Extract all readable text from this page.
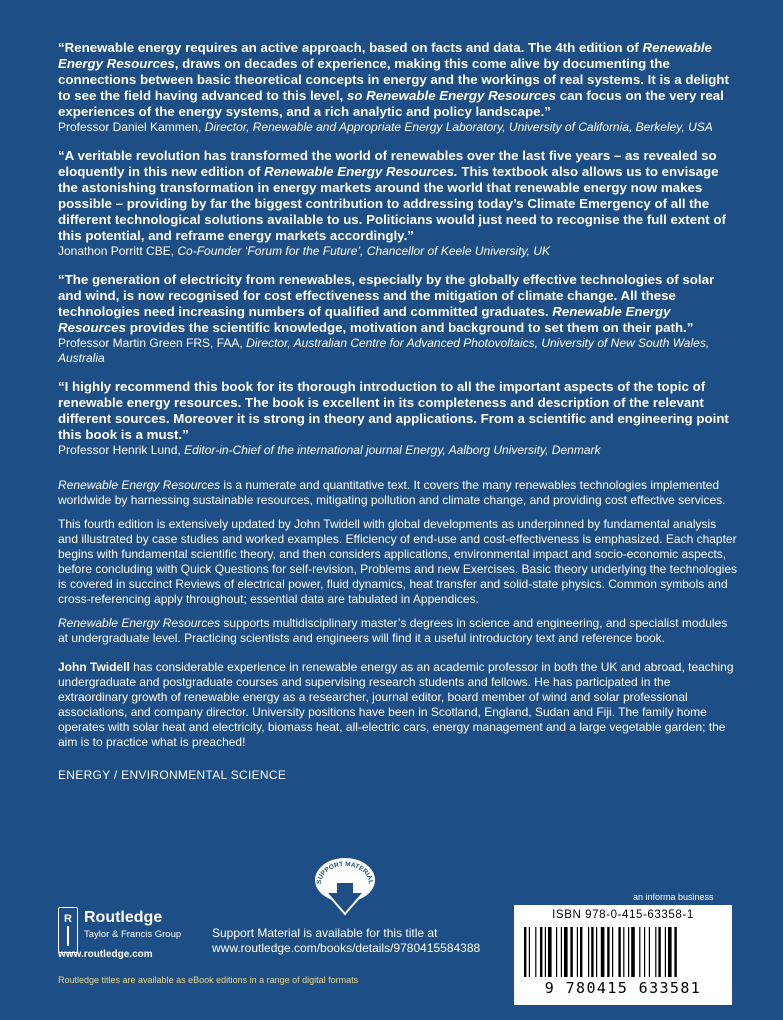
“Renewable energy requires an active approach, based on facts and data. The 4th edition of Renewable Energy Resources, draws on decades of experience, making this come alive by documenting the connections between basic theoretical concepts in energy and the workings of real systems. It is a delight to see the field having advanced to this level, so Renewable Energy Resources can focus on the very real experiences of the energy systems, and a rich analytic and policy landscape.”

Professor Daniel Kammen, Director, Renewable and Appropriate Energy Laboratory, University of California, Berkeley, USA

“A veritable revolution has transformed the world of renewables over the last five years – as revealed so eloquently in this new edition of Renewable Energy Resources. This textbook also allows us to envisage the astonishing transformation in energy markets around the world that renewable energy now makes possible – providing by far the biggest contribution to addressing today’s Climate Emergency of all the different technological solutions available to us. Politicians would just need to recognise the full extent of this potential, and reframe energy markets accordingly.”

Jonathon Porritt CBE, Co-Founder ‘Forum for the Future’, Chancellor of Keele University, UK

“The generation of electricity from renewables, especially by the globally effective technologies of solar and wind, is now recognised for cost effectiveness and the mitigation of climate change. All these technologies need increasing numbers of qualified and committed graduates. Renewable Energy Resources provides the scientific knowledge, motivation and background to set them on their path.”

Professor Martin Green FRS, FAA, Director, Australian Centre for Advanced Photovoltaics, University of New South Wales, Australia

“I highly recommend this book for its thorough introduction to all the important aspects of the topic of renewable energy resources. The book is excellent in its completeness and description of the relevant different sources. Moreover it is strong in theory and applications. From a scientific and engineering point this book is a must.”

Professor Henrik Lund, Editor-in-Chief of the international journal Energy, Aalborg University, Denmark

Renewable Energy Resources is a numerate and quantitative text. It covers the many renewables technologies implemented worldwide by harnessing sustainable resources, mitigating pollution and climate change, and providing cost effective services.

This fourth edition is extensively updated by John Twidell with global developments as underpinned by fundamental analysis and illustrated by case studies and worked examples. Efficiency of end-use and cost-effectiveness is emphasized. Each chapter begins with fundamental scientific theory, and then considers applications, environmental impact and socio-economic aspects, before concluding with Quick Questions for self-revision, Problems and new Exercises. Basic theory underlying the technologies is covered in succinct Reviews of electrical power, fluid dynamics, heat transfer and solid-state physics. Common symbols and cross-referencing apply throughout; essential data are tabulated in Appendices.

Renewable Energy Resources supports multidisciplinary master’s degrees in science and engineering, and specialist modules at undergraduate level. Practicing scientists and engineers will find it a useful introductory text and reference book.

John Twidell has considerable experience in renewable energy as an academic professor in both the UK and abroad, teaching undergraduate and postgraduate courses and supervising research students and fellows. He has participated in the extraordinary growth of renewable energy as a researcher, journal editor, board member of wind and solar professional associations, and company director. University positions have been in Scotland, England, Sudan and Fiji. The family home operates with solar heat and electricity, biomass heat, all-electric cars, energy management and a large vegetable garden; the aim is to practice what is preached!

ENERGY / ENVIRONMENTAL SCIENCE
R Routledge
Taylor & Francis Group
www.routledge.com
SUPPORT MATERIAL
Support Material is available for this title at
www.routledge.com/books/details/9780415584388
an informa business
ISBN 978-0-415-63358-1
9 780415 633581
Routledge titles are available as eBook editions in a range of digital formats
